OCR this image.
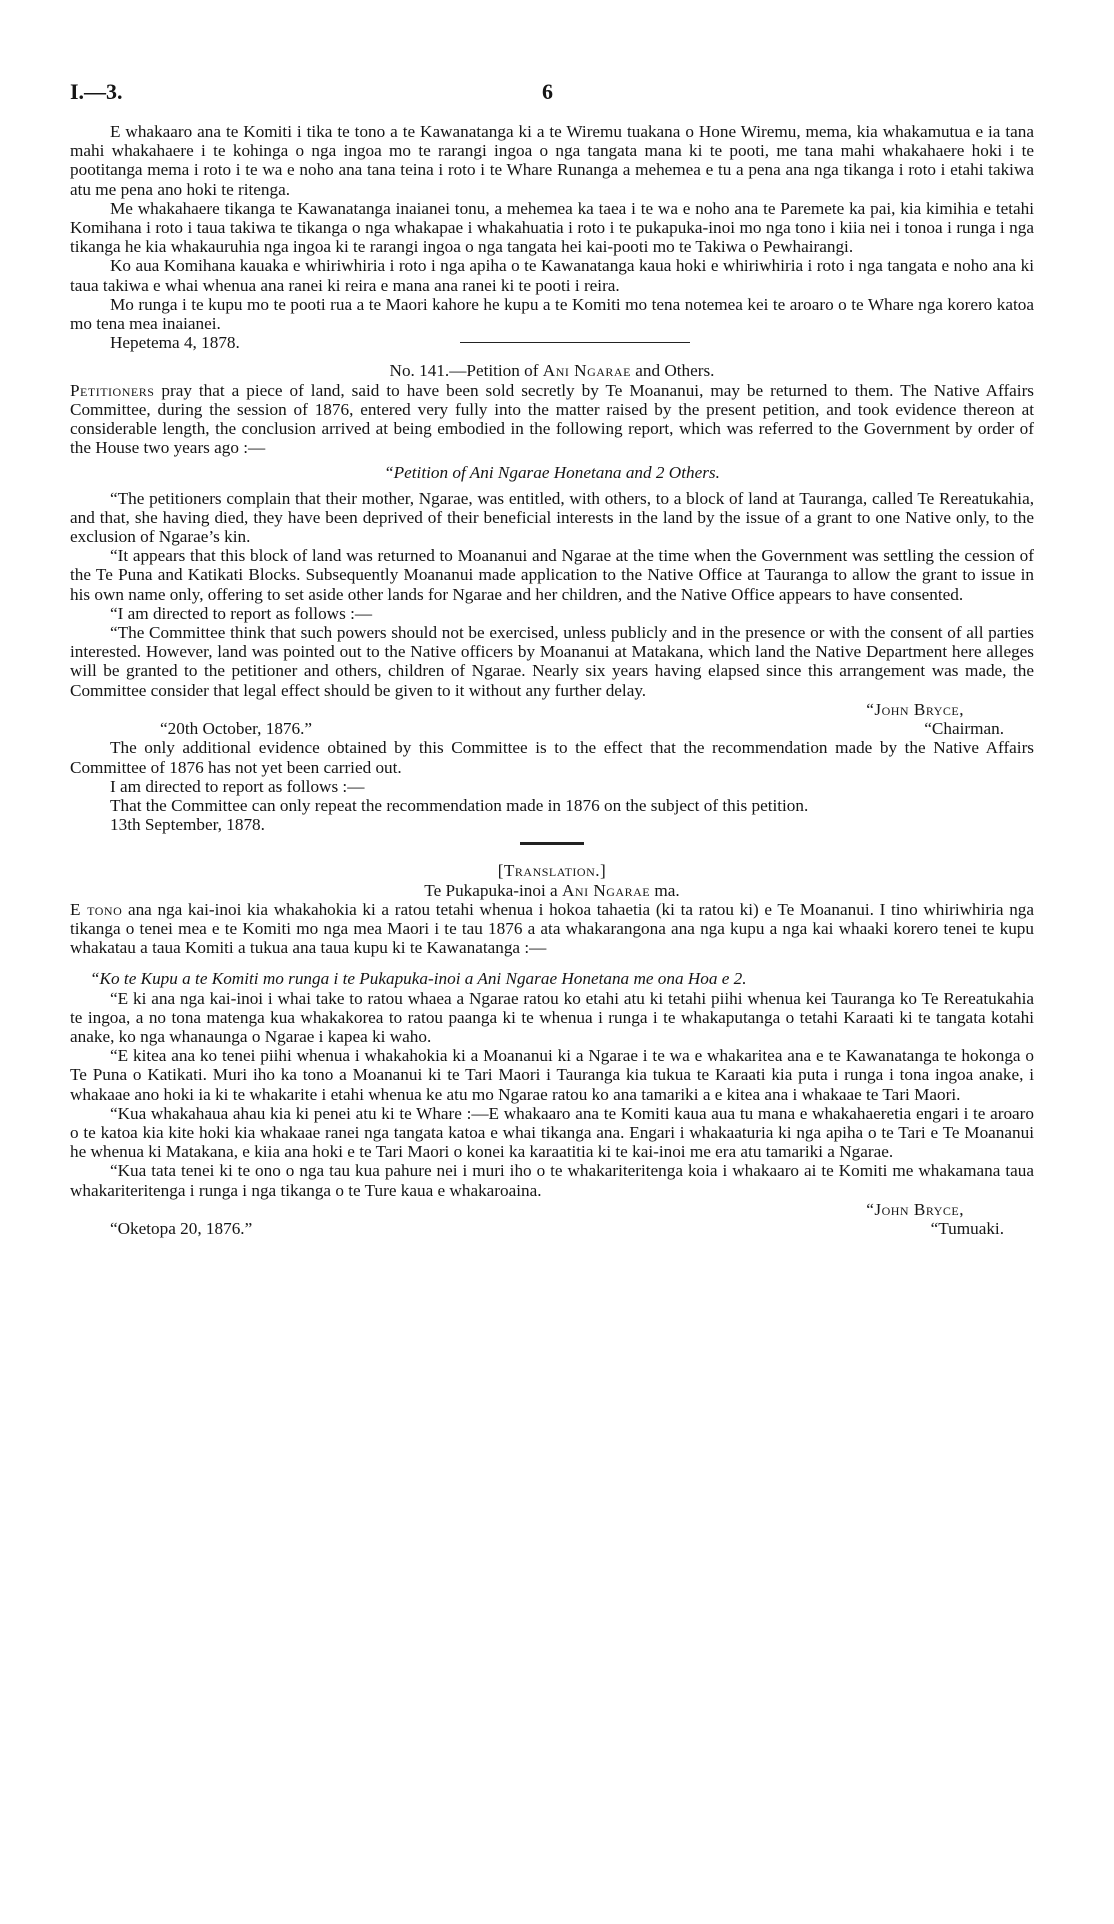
I.—3.	6

E whakaaro ana te Komiti i tika te tono a te Kawanatanga ki a te Wiremu tuakana o Hone Wiremu, mema, kia whakamutua e ia tana mahi whakahaere i te kohinga o nga ingoa mo te rarangi ingoa o nga tangata mana ki te pooti, me tana mahi whakahaere hoki i te pootitanga mema i roto i te wa e noho ana tana teina i roto i te Whare Runanga a mehemea e tu a pena ana nga tikanga i roto i etahi takiwa atu me pena ano hoki te ritenga.

Me whakahaere tikanga te Kawanatanga inaianei tonu, a mehemea ka taea i te wa e noho ana te Paremete ka pai, kia kimihia e tetahi Komihana i roto i taua takiwa te tikanga o nga whakapae i whakahuatia i roto i te pukapuka-inoi mo nga tono i kiia nei i tonoa i runga i nga tikanga he kia whakauruhia nga ingoa ki te rarangi ingoa o nga tangata hei kai-pooti mo te Takiwa o Pewhairangi.

Ko aua Komihana kauaka e whiriwhiria i roto i nga apiha o te Kawanatanga kaua hoki e whiriwhiria i roto i nga tangata e noho ana ki taua takiwa e whai whenua ana ranei ki reira e mana ana ranei ki te pooti i reira.

Mo runga i te kupu mo te pooti rua a te Maori kahore he kupu a te Komiti mo tena notemea kei te aroaro o te Whare nga korero katoa mo tena mea inaianei.

Hepetema 4, 1878.

No. 141.—Petition of Ani Ngarae and Others.

Petitioners pray that a piece of land, said to have been sold secretly by Te Moananui, may be returned to them. The Native Affairs Committee, during the session of 1876, entered very fully into the matter raised by the present petition, and took evidence thereon at considerable length, the conclusion arrived at being embodied in the following report, which was referred to the Government by order of the House two years ago :—

“Petition of Ani Ngarae Honetana and 2 Others.

“The petitioners complain that their mother, Ngarae, was entitled, with others, to a block of land at Tauranga, called Te Rereatukahia, and that, she having died, they have been deprived of their beneficial interests in the land by the issue of a grant to one Native only, to the exclusion of Ngarae’s kin.

“It appears that this block of land was returned to Moananui and Ngarae at the time when the Government was settling the cession of the Te Puna and Katikati Blocks. Subsequently Moananui made application to the Native Office at Tauranga to allow the grant to issue in his own name only, offering to set aside other lands for Ngarae and her children, and the Native Office appears to have consented.

“I am directed to report as follows :—

“The Committee think that such powers should not be exercised, unless publicly and in the presence or with the consent of all parties interested. However, land was pointed out to the Native officers by Moananui at Matakana, which land the Native Department here alleges will be granted to the petitioner and others, children of Ngarae. Nearly six years having elapsed since this arrangement was made, the Committee consider that legal effect should be given to it without any further delay.

“John Bryce,

“20th October, 1876.”	“Chairman.

The only additional evidence obtained by this Committee is to the effect that the recommendation made by the Native Affairs Committee of 1876 has not yet been carried out.

I am directed to report as follows :—

That the Committee can only repeat the recommendation made in 1876 on the subject of this petition.

13th September, 1878.

[Translation.]

Te Pukapuka-inoi a Ani Ngarae ma.

E tono ana nga kai-inoi kia whakahokia ki a ratou tetahi whenua i hokoa tahaetia (ki ta ratou ki) e Te Moananui. I tino whiriwhiria nga tikanga o tenei mea e te Komiti mo nga mea Maori i te tau 1876 a ata whakarangona ana nga kupu a nga kai whaaki korero tenei te kupu whakatau a taua Komiti a tukua ana taua kupu ki te Kawanatanga :—

“Ko te Kupu a te Komiti mo runga i te Pukapuka-inoi a Ani Ngarae Honetana me ona Hoa e 2.

“E ki ana nga kai-inoi i whai take to ratou whaea a Ngarae ratou ko etahi atu ki tetahi piihi whenua kei Tauranga ko Te Rereatukahia te ingoa, a no tona matenga kua whakakorea to ratou paanga ki te whenua i runga i te whakaputanga o tetahi Karaati ki te tangata kotahi anake, ko nga whanaunga o Ngarae i kapea ki waho.

“E kitea ana ko tenei piihi whenua i whakahokia ki a Moananui ki a Ngarae i te wa e whakaritea ana e te Kawanatanga te hokonga o Te Puna o Katikati. Muri iho ka tono a Moananui ki te Tari Maori i Tauranga kia tukua te Karaati kia puta i runga i tona ingoa anake, i whakaae ano hoki ia ki te whakarite i etahi whenua ke atu mo Ngarae ratou ko ana tamariki a e kitea ana i whakaae te Tari Maori.

“Kua whakahaua ahau kia ki penei atu ki te Whare :—E whakaaro ana te Komiti kaua aua tu mana e whakahaeretia engari i te aroaro o te katoa kia kite hoki kia whakaae ranei nga tangata katoa e whai tikanga ana. Engari i whakaaturia ki nga apiha o te Tari e Te Moananui he whenua ki Matakana, e kiia ana hoki e te Tari Maori o konei ka karaatitia ki te kai-inoi me era atu tamariki a Ngarae.

“Kua tata tenei ki te ono o nga tau kua pahure nei i muri iho o te whakariteritenga koia i whakaaro ai te Komiti me whakamana taua whakariteritenga i runga i nga tikanga o te Ture kaua e whakaroaina.

“John Bryce,

“Oketopa 20, 1876.”	“Tumuaki.
